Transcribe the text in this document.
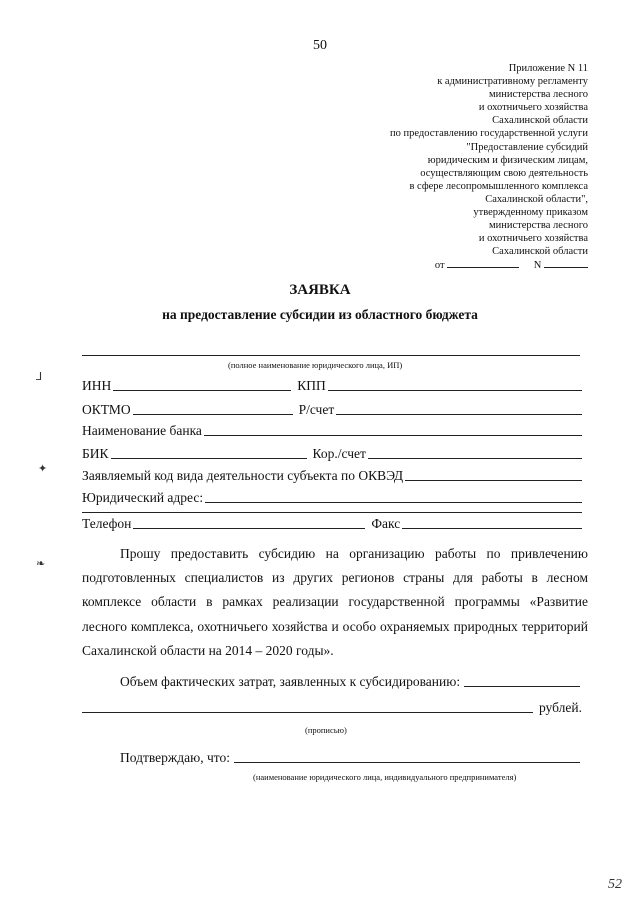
50
Приложение N 11
к административному регламенту
министерства лесного
и охотничьего хозяйства
Сахалинской области
по предоставлению государственной услуги
"Предоставление субсидий
юридическим и физическим лицам,
осуществляющим свою деятельность
в сфере лесопромышленного комплекса
Сахалинской области",
утвержденному приказом
министерства лесного
и охотничьего хозяйства
Сахалинской области
от	N
ЗАЯВКА
на предоставление субсидии из областного бюджета
(полное наименование юридического лица, ИП)
ИНН	КПП
ОКТМО	Р/счет
Наименование банка
БИК	Кор./счет
Заявляемый код вида деятельности субъекта по ОКВЭД
Юридический адрес:
Телефон	Факс
Прошу предоставить субсидию на организацию работы по привлечению подготовленных специалистов из других регионов страны для работы в лесном комплексе области в рамках реализации государственной программы «Развитие лесного комплекса, охотничьего хозяйства и особо охраняемых природных территорий Сахалинской области на 2014 – 2020 годы».
Объем фактических затрат, заявленных к субсидированию:
рублей.
(прописью)
Подтверждаю, что:
(наименование юридического лица, индивидуального предпринимателя)
⅃
✦
❧
52
